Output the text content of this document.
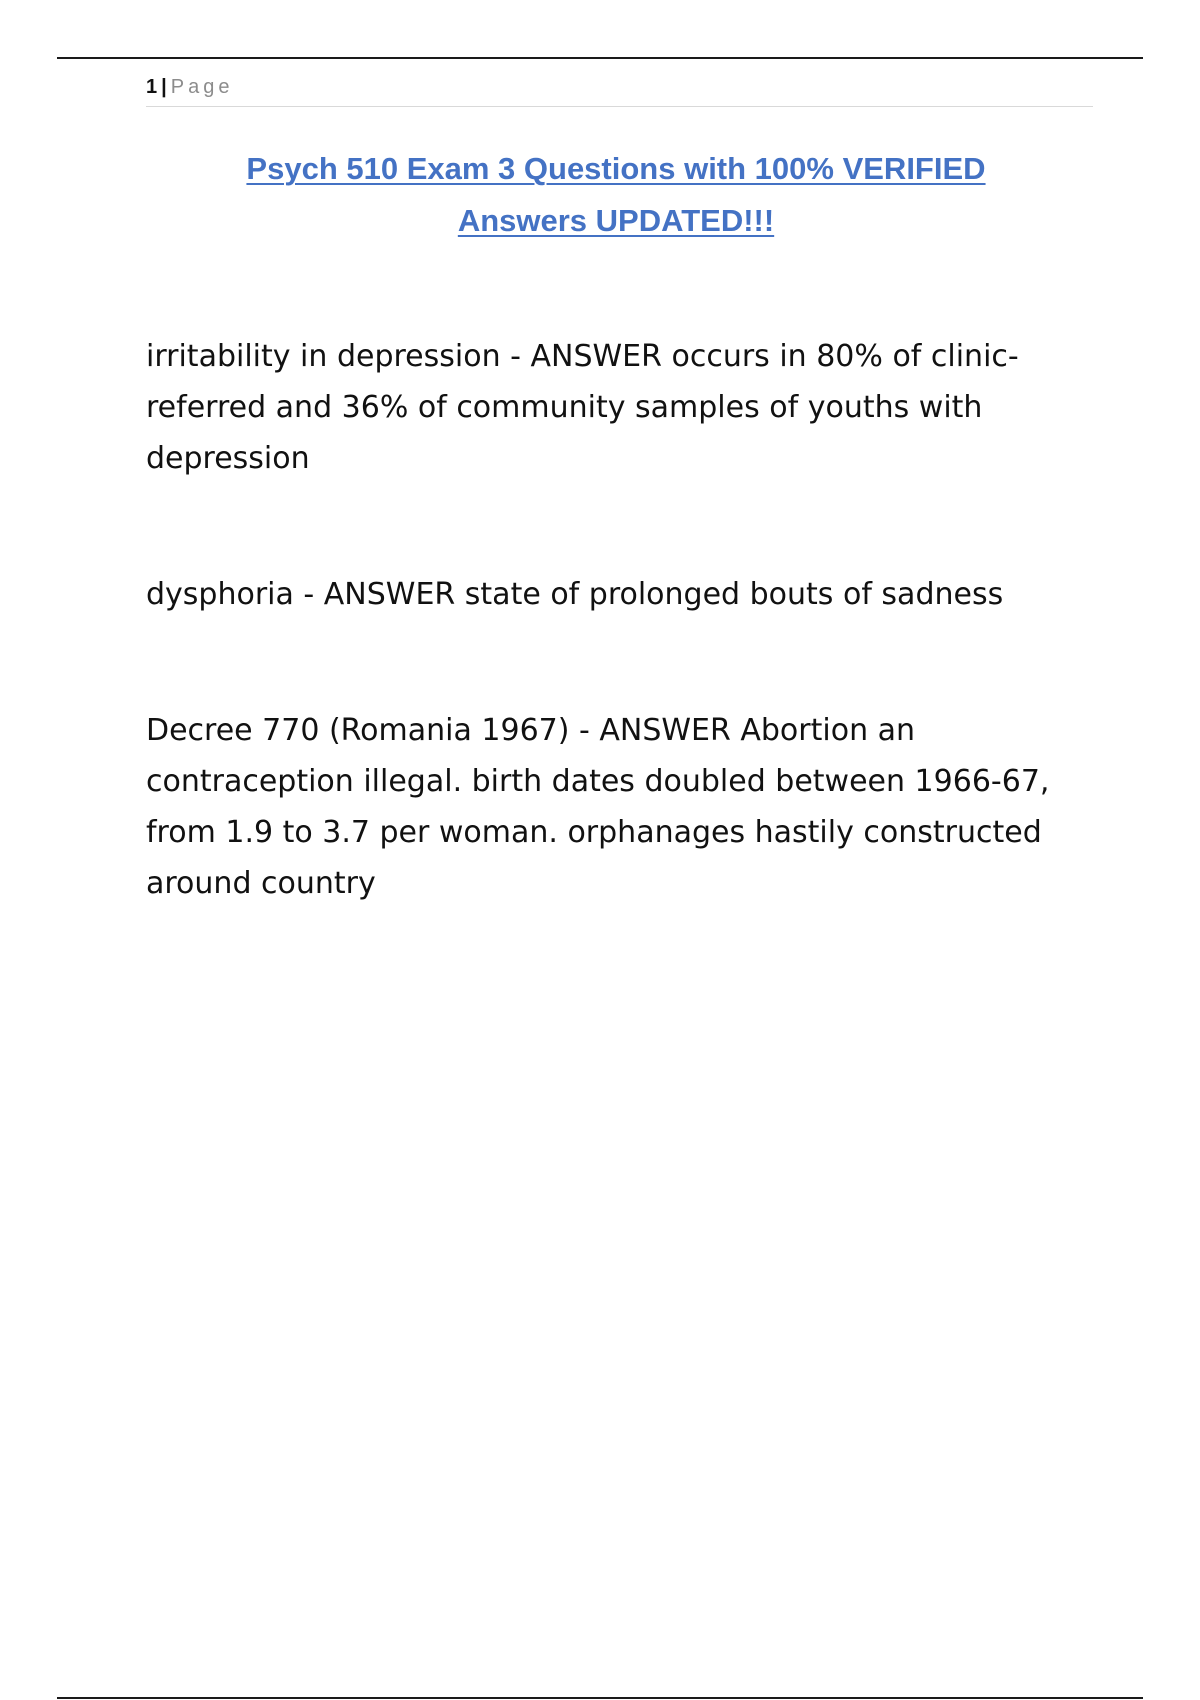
1 | Page
Psych 510 Exam 3 Questions with 100% VERIFIED
Answers UPDATED!!!

irritability in depression - ANSWER occurs in 80% of clinic-referred and 36% of community samples of youths with depression

dysphoria - ANSWER state of prolonged bouts of sadness

Decree 770 (Romania 1967) - ANSWER Abortion an contraception illegal. birth dates doubled between 1966-67, from 1.9 to 3.7 per woman. orphanages hastily constructed around country
